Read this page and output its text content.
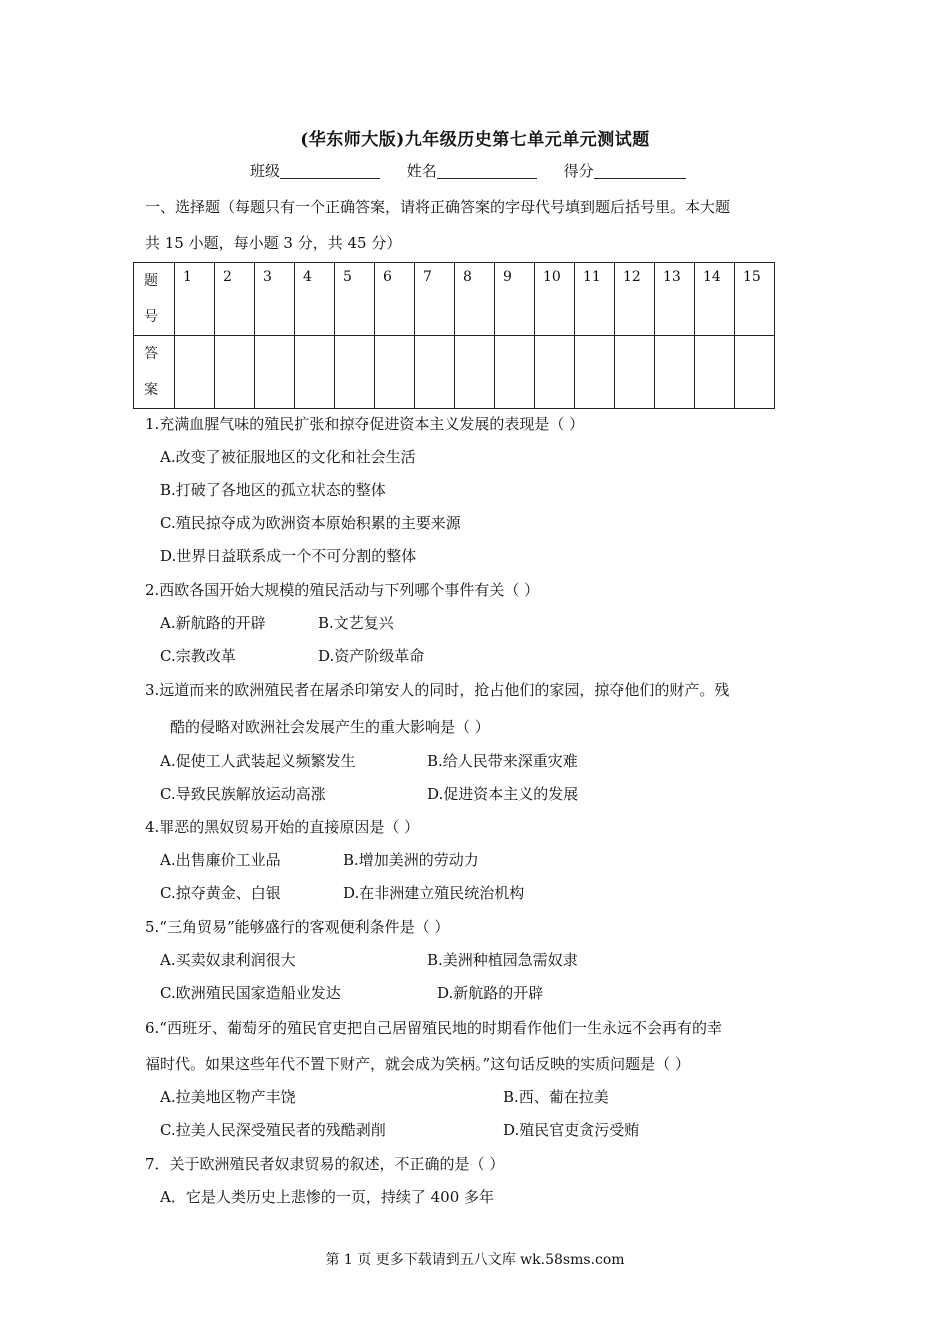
(华东师大版)九年级历史第七单元单元测试题
班级	姓名	得分
一、选择题（每题只有一个正确答案，请将正确答案的字母代号填到题后括号里。本大题
共 15 小题，每小题 3 分，共 45 分）
题
号	1	2	3	4	5	6	7	8	9	10	11	12	13	14	15

答
案															

1.充满血腥气味的殖民扩张和掠夺促进资本主义发展的表现是（ ）
A.改变了被征服地区的文化和社会生活
B.打破了各地区的孤立状态的整体
C.殖民掠夺成为欧洲资本原始积累的主要来源
D.世界日益联系成一个不可分割的整体
2.西欧各国开始大规模的殖民活动与下列哪个事件有关（ ）
A.新航路的开辟	B.文艺复兴
C.宗教改革	D.资产阶级革命
3.远道而来的欧洲殖民者在屠杀印第安人的同时，抢占他们的家园，掠夺他们的财产。残
酷的侵略对欧洲社会发展产生的重大影响是（ ）
A.促使工人武装起义频繁发生	B.给人民带来深重灾难
C.导致民族解放运动高涨	D.促进资本主义的发展
4.罪恶的黑奴贸易开始的直接原因是（ ）
A.出售廉价工业品	B.增加美洲的劳动力
C.掠夺黄金、白银	D.在非洲建立殖民统治机构
5.“三角贸易”能够盛行的客观便利条件是（ ）
A.买卖奴隶利润很大	B.美洲种植园急需奴隶
C.欧洲殖民国家造船业发达	D.新航路的开辟
6.“西班牙、葡萄牙的殖民官吏把自己居留殖民地的时期看作他们一生永远不会再有的幸
福时代。如果这些年代不置下财产，就会成为笑柄。”这句话反映的实质问题是（ ）
A.拉美地区物产丰饶	B.西、葡在拉美
C.拉美人民深受殖民者的残酷剥削	D.殖民官吏贪污受贿
7．关于欧洲殖民者奴隶贸易的叙述，不正确的是（ ）
A．它是人类历史上悲惨的一页，持续了 400 多年
第 1 页 更多下载请到五八文库 wk.58sms.com
